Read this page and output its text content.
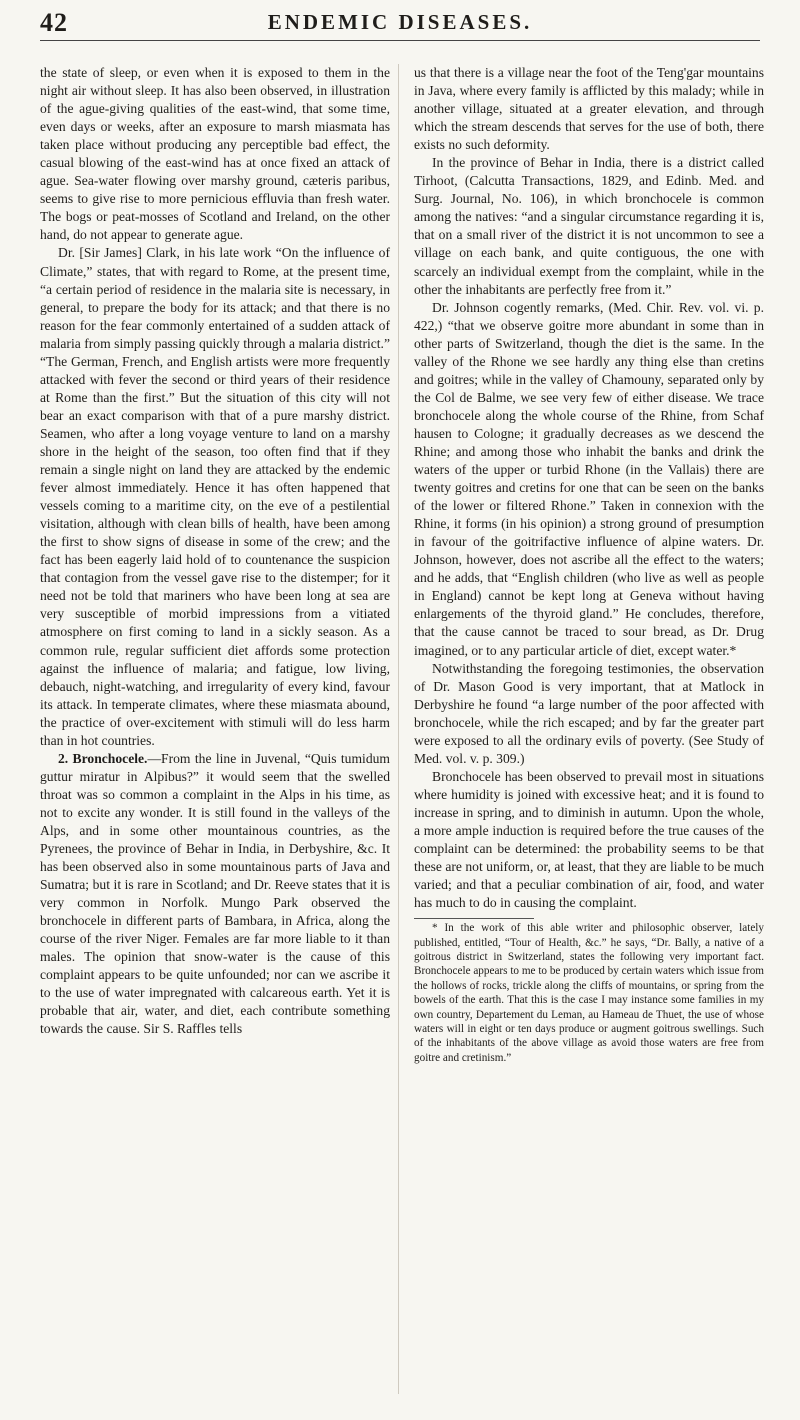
42	ENDEMIC DISEASES.

the state of sleep, or even when it is exposed to them in the night air without sleep. It has also been observed, in illustration of the ague-giving qualities of the east-wind, that some time, even days or weeks, after an exposure to marsh miasmata has taken place without producing any perceptible bad effect, the casual blowing of the east-wind has at once fixed an attack of ague. Sea-water flowing over marshy ground, cæteris paribus, seems to give rise to more pernicious effluvia than fresh water. The bogs or peat-mosses of Scotland and Ireland, on the other hand, do not appear to generate ague.

Dr. [Sir James] Clark, in his late work “On the influence of Climate,” states, that with regard to Rome, at the present time, “a certain period of residence in the malaria site is necessary, in general, to prepare the body for its attack; and that there is no reason for the fear commonly entertained of a sudden attack of malaria from simply passing quickly through a malaria district.” “The German, French, and English artists were more frequently attacked with fever the second or third years of their residence at Rome than the first.” But the situation of this city will not bear an exact comparison with that of a pure marshy district. Seamen, who after a long voyage venture to land on a marshy shore in the height of the season, too often find that if they remain a single night on land they are attacked by the endemic fever almost immediately. Hence it has often happened that vessels coming to a maritime city, on the eve of a pestilential visitation, although with clean bills of health, have been among the first to show signs of disease in some of the crew; and the fact has been eagerly laid hold of to countenance the suspicion that contagion from the vessel gave rise to the distemper; for it need not be told that mariners who have been long at sea are very susceptible of morbid impressions from a vitiated atmosphere on first coming to land in a sickly season. As a common rule, regular sufficient diet affords some protection against the influence of malaria; and fatigue, low living, debauch, night-watching, and irregularity of every kind, favour its attack. In temperate climates, where these miasmata abound, the practice of over-excitement with stimuli will do less harm than in hot countries.

2. Bronchocele.—From the line in Juvenal, “Quis tumidum guttur miratur in Alpibus?” it would seem that the swelled throat was so common a complaint in the Alps in his time, as not to excite any wonder. It is still found in the valleys of the Alps, and in some other mountainous countries, as the Pyrenees, the province of Behar in India, in Derbyshire, &c. It has been observed also in some mountainous parts of Java and Sumatra; but it is rare in Scotland; and Dr. Reeve states that it is very common in Norfolk. Mungo Park observed the bronchocele in different parts of Bambara, in Africa, along the course of the river Niger. Females are far more liable to it than males. The opinion that snow-water is the cause of this complaint appears to be quite unfounded; nor can we ascribe it to the use of water impregnated with calcareous earth. Yet it is probable that air, water, and diet, each contribute something towards the cause. Sir S. Raffles tells

us that there is a village near the foot of the Teng'gar mountains in Java, where every family is afflicted by this malady; while in another village, situated at a greater elevation, and through which the stream descends that serves for the use of both, there exists no such deformity.

In the province of Behar in India, there is a district called Tirhoot, (Calcutta Transactions, 1829, and Edinb. Med. and Surg. Journal, No. 106), in which bronchocele is common among the natives: “and a singular circumstance regarding it is, that on a small river of the district it is not uncommon to see a village on each bank, and quite contiguous, the one with scarcely an individual exempt from the complaint, while in the other the inhabitants are perfectly free from it.”

Dr. Johnson cogently remarks, (Med. Chir. Rev. vol. vi. p. 422,) “that we observe goitre more abundant in some than in other parts of Switzerland, though the diet is the same. In the valley of the Rhone we see hardly any thing else than cretins and goitres; while in the valley of Chamouny, separated only by the Col de Balme, we see very few of either disease. We trace bronchocele along the whole course of the Rhine, from Schaf hausen to Cologne; it gradually decreases as we descend the Rhine; and among those who inhabit the banks and drink the waters of the upper or turbid Rhone (in the Vallais) there are twenty goitres and cretins for one that can be seen on the banks of the lower or filtered Rhone.” Taken in connexion with the Rhine, it forms (in his opinion) a strong ground of presumption in favour of the goitrifactive influence of alpine waters. Dr. Johnson, however, does not ascribe all the effect to the waters; and he adds, that “English children (who live as well as people in England) cannot be kept long at Geneva without having enlargements of the thyroid gland.” He concludes, therefore, that the cause cannot be traced to sour bread, as Dr. Drug imagined, or to any particular article of diet, except water.*

Notwithstanding the foregoing testimonies, the observation of Dr. Mason Good is very important, that at Matlock in Derbyshire he found “a large number of the poor affected with bronchocele, while the rich escaped; and by far the greater part were exposed to all the ordinary evils of poverty. (See Study of Med. vol. v. p. 309.)

Bronchocele has been observed to prevail most in situations where humidity is joined with excessive heat; and it is found to increase in spring, and to diminish in autumn. Upon the whole, a more ample induction is required before the true causes of the complaint can be determined: the probability seems to be that these are not uniform, or, at least, that they are liable to be much varied; and that a peculiar combination of air, food, and water has much to do in causing the complaint.

* In the work of this able writer and philosophic observer, lately published, entitled, “Tour of Health, &c.” he says, “Dr. Bally, a native of a goitrous district in Switzerland, states the following very important fact. Bronchocele appears to me to be produced by certain waters which issue from the hollows of rocks, trickle along the cliffs of mountains, or spring from the bowels of the earth. That this is the case I may instance some families in my own country, Departement du Leman, au Hameau de Thuet, the use of whose waters will in eight or ten days produce or augment goitrous swellings. Such of the inhabitants of the above village as avoid those waters are free from goitre and cretinism.”
